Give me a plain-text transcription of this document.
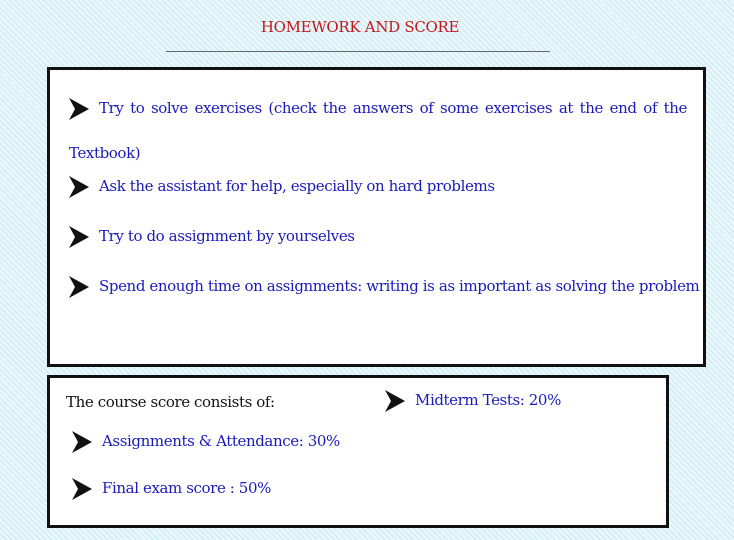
HOMEWORK AND SCORE
Try to solve exercises (check the answers of some exercises at the end of the Textbook)
Ask the assistant for help, especially on hard problems
Try to do assignment by yourselves
Spend enough time on assignments: writing is as important as solving the problem
The course score consists of:	Midterm Tests: 20%
Assignments & Attendance: 30%
Final exam score : 50%
